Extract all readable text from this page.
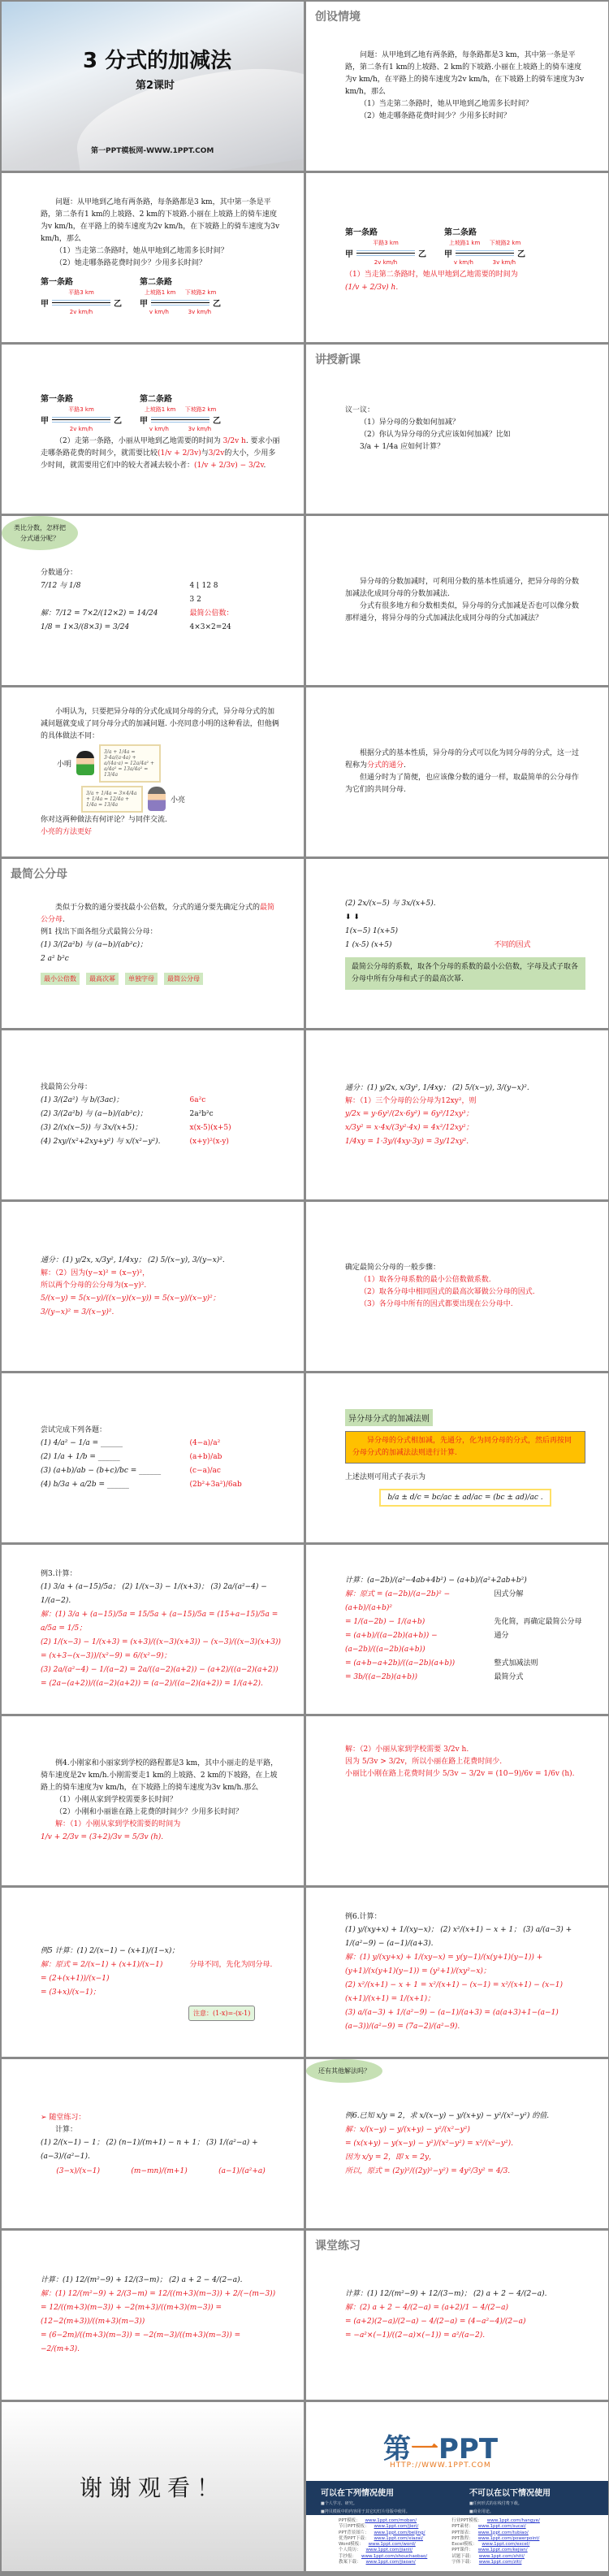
3 分式的加减法
第2课时
第一PPT模板网-WWW.1PPT.COM
创设情境
问题：从甲地到乙地有两条路，每条路都是3 km，其中第一条是平路，第二条有1 km的上坡路、2 km的下坡路.小丽在上坡路上的骑车速度为v km/h，在平路上的骑车速度为2v km/h，在下坡路上的骑车速度为3v km/h，那么
（1）当走第二条路时，她从甲地到乙地需多长时间？
（2）她走哪条路花费时间少？少用多长时间？
问题：从甲地到乙地有两条路，每条路都是3 km，其中第一条是平路，第二条有1 km的上坡路、2 km的下坡路.小丽在上坡路上的骑车速度为v km/h，在平路上的骑车速度为2v km/h，在下坡路上的骑车速度为3v km/h，那么
（1）当走第二条路时，她从甲地到乙地需多长时间？
（2）她走哪条路花费时间少？少用多长时间？
第一条路
平路3 km
甲	乙
2v km/h
第二条路
上坡路1 km 下坡路2 km
甲	乙
v km/h	3v km/h
第一条路
平路3 km
甲	乙
2v km/h
第二条路
上坡路1 km 下坡路2 km
甲	乙
v km/h	3v km/h
（1）当走第二条路时，她从甲地到乙地需要的时间为
(1/v + 2/3v) h.
第一条路
平路3 km
甲	乙
2v km/h
第二条路
上坡路1 km 下坡路2 km
甲	乙
v km/h	3v km/h
（2）走第一条路，小丽从甲地到乙地需要的时间为 3/2v h. 要求小丽走哪条路花费的时间少，就需要比较(1/v + 2/3v)与3/2v的大小，少用多少时间，就需要用它们中的较大者减去较小者：(1/v + 2/3v) − 3/2v.
讲授新课
议一议：
（1）异分母的分数如何加减？
（2）你认为异分母的分式应该如何加减？比如
3/a + 1/4a 应如何计算？
分数通分：
7/12 与 1/8	4 ⌊ 12 8
3 2
解：7/12 = 7×2/(12×2) = 14/24	最简公倍数：
1/8 = 1×3/(8×3) = 3/24	4×3×2=24
类比分数，怎样把分式通分呢？
异分母的分数加减时，可利用分数的基本性质通分，把异分母的分数加减法化成同分母的分数加减法.
分式有很多地方和分数相类似，异分母的分式加减是否也可以像分数那样通分，将异分母的分式加减法化成同分母的分式加减法？
小明认为，只要把异分母的分式化成同分母的分式，异分母分式的加减问题就变成了同分母分式的加减问题. 小亮同意小明的这种看法，但他俩的具体做法不同：
小明
3/a + 1/4a = 3·4a/(a·4a) + a/(4a·a) = 12a/4a² + a/4a² = 13a/4a² = 13/4a
3/a + 1/4a = 3×4/4a + 1/4a = 12/4a + 1/4a = 13/4a
小亮
你对这两种做法有何评论？与同伴交流.
小亮的方法更好
根据分式的基本性质，异分母的分式可以化为同分母的分式，这一过程称为分式的通分.
但通分时为了简便，也应该像分数的通分一样，取最简单的公分母作为它们的共同分母.
最简公分母
类似于分数的通分要找最小公倍数，分式的通分要先确定分式的最简公分母.
例1 找出下面各组分式最简公分母：
(1) 3/(2a²b) 与 (a−b)/(ab²c)；
2 a² b²c
最小公倍数	最高次幂	单独字母	最简公分母
(2) 2x/(x−5) 与 3x/(x+5).
⬇ ⬇
1(x−5) 1(x+5)
1 (x-5) (x+5)	不同的因式
最简公分母的系数，取各个分母的系数的最小公倍数，字母及式子取各分母中所有分母和式子的最高次幂.
找最简公分母：
(1) 3/(2a²) 与 b/(3ac)；	6a²c
(2) 3/(2a²b) 与 (a−b)/(ab²c)；	2a²b²c
(3) 2/(x(x−5)) 与 3x/(x+5)；	x(x-5)(x+5)
(4) 2xy/(x²+2xy+y²) 与 x/(x²−y²).	(x+y)²(x-y)
通分：(1) y/2x, x/3y², 1/4xy； (2) 5/(x−y), 3/(y−x)².
解：（1）三个分母的公分母为12xy²，则
y/2x = y·6y²/(2x·6y²) = 6y³/12xy³；
x/3y² = x·4x/(3y²·4x) = 4x²/12xy²；
1/4xy = 1·3y/(4xy·3y) = 3y/12xy².
通分：(1) y/2x, x/3y², 1/4xy； (2) 5/(x−y), 3/(y−x)².
解：（2）因为(y−x)² = (x−y)²，
所以两个分母的公分母为(x−y)².
5/(x−y) = 5(x−y)/((x−y)(x−y)) = 5(x−y)/(x−y)²；
3/(y−x)² = 3/(x−y)².
确定最简公分母的一般步骤：
（1）取各分母系数的最小公倍数做系数.
（2）取各分母中相同因式的最高次幂做公分母的因式.
（3）各分母中所有的因式都要出现在公分母中.
尝试完成下列各题：
(1) 4/a² − 1/a = ______	(4−a)/a²
(2) 1/a + 1/b = ______	(a+b)/ab
(3) (a+b)/ab − (b+c)/bc = ______	(c−a)/ac
(4) b/3a + a/2b = ______	(2b²+3a²)/6ab
异分母分式的加减法则
异分母的分式相加减，先通分，化为同分母的分式，然后再按同分母分式的加减法法则进行计算.
上述法则可用式子表示为
b/a ± d/c = bc/ac ± ad/ac = (bc ± ad)/ac .
例3.计算：
(1) 3/a + (a−15)/5a； (2) 1/(x−3) − 1/(x+3)； (3) 2a/(a²−4) − 1/(a−2).
解：(1) 3/a + (a−15)/5a = 15/5a + (a−15)/5a = (15+a−15)/5a = a/5a = 1/5；
(2) 1/(x−3) − 1/(x+3) = (x+3)/((x−3)(x+3)) − (x−3)/((x−3)(x+3))
= (x+3−(x−3))/(x²−9) = 6/(x²−9)；
(3) 2a/(a²−4) − 1/(a−2) = 2a/((a−2)(a+2)) − (a+2)/((a−2)(a+2))
= (2a−(a+2))/((a−2)(a+2)) = (a−2)/((a−2)(a+2)) = 1/(a+2).
计算：(a−2b)/(a²−4ab+4b²) − (a+b)/(a²+2ab+b²)
解：原式 = (a−2b)/(a−2b)² − (a+b)/(a+b)²
因式分解
= 1/(a−2b) − 1/(a+b)	先化简，再确定最简公分母
= (a+b)/((a−2b)(a+b)) − (a−2b)/((a−2b)(a+b))
通分
= (a+b−a+2b)/((a−2b)(a+b))	整式加减法则
= 3b/((a−2b)(a+b))	最简分式
例4.小刚家和小丽家到学校的路程都是3 km，其中小丽走的是平路，骑车速度是2v km/h.小刚需要走1 km的上坡路、2 km的下坡路，在上坡路上的骑车速度为v km/h，在下坡路上的骑车速度为3v km/h.那么
（1）小刚从家到学校需要多长时间？
（2）小刚和小丽谁在路上花费的时间少？少用多长时间？
解：（1）小刚从家到学校需要的时间为
1/v + 2/3v = (3+2)/3v = 5/3v (h).
解：（2）小丽从家到学校需要 3/2v h.
因为 5/3v > 3/2v，所以小丽在路上花费时间少.
小丽比小刚在路上花费时间少 5/3v − 3/2v = (10−9)/6v = 1/6v (h).
例5 计算：(1) 2/(x−1) − (x+1)/(1−x)；
解：原式 = 2/(x−1) + (x+1)/(x−1)	分母不同，先化为同分母.
= (2+(x+1))/(x−1)
= (3+x)/(x−1)；
注意：(1-x)=-(x-1)
例6.计算：
(1) y/(xy+x) + 1/(xy−x)； (2) x²/(x+1) − x + 1； (3) a/(a−3) + 1/(a²−9) − (a−1)/(a+3).
解：(1) y/(xy+x) + 1/(xy−x) = y(y−1)/(x(y+1)(y−1)) + (y+1)/(x(y+1)(y−1)) = (y²+1)/(xy²−x)；
(2) x²/(x+1) − x + 1 = x²/(x+1) − (x−1) = x²/(x+1) − (x−1)(x+1)/(x+1) = 1/(x+1)；
(3) a/(a−3) + 1/(a²−9) − (a−1)/(a+3) = (a(a+3)+1−(a−1)(a−3))/(a²−9) = (7a−2)/(a²−9).
➢ 随堂练习：
计算：
(1) 2/(x−1) − 1； (2) (n−1)/(m+1) − n + 1； (3) 1/(a²−a) + (a−3)/(a²−1).
(3−x)/(x−1)	(m−mn)/(m+1)	(a−1)/(a²+a)
例6.已知 x/y = 2，求 x/(x−y) − y/(x+y) − y²/(x²−y²) 的值.
解：x/(x−y) − y/(x+y) − y²/(x²−y²)
= (x(x+y) − y(x−y) − y²)/(x²−y²) = x²/(x²−y²).
因为 x/y = 2，即 x = 2y，
所以，原式 = (2y)²/((2y)²−y²) = 4y²/3y² = 4/3.
还有其他解法吗？
计算：(1) 12/(m²−9) + 12/(3−m)； (2) a + 2 − 4/(2−a).
解：(1) 12/(m²−9) + 2/(3−m) = 12/((m+3)(m−3)) + 2/(−(m−3))
= 12/((m+3)(m−3)) + −2(m+3)/((m+3)(m−3)) = (12−2(m+3))/((m+3)(m−3))
= (6−2m)/((m+3)(m−3)) = −2(m−3)/((m+3)(m−3)) = −2/(m+3).
课堂练习
计算：(1) 12/(m²−9) + 12/(3−m)； (2) a + 2 − 4/(2−a).
解：(2) a + 2 − 4/(2−a) = (a+2)/1 − 4/(2−a)
= (a+2)(2−a)/(2−a) − 4/(2−a) = (4−a²−4)/(2−a)
= −a²×(−1)/((2−a)×(−1)) = a²/(a−2).
谢谢观看！
第一PPT
HTTP://WWW.1PPT.COM
可以在下列情况使用
■个人学习、研究。
■拷贝模板中的内容用于其它幻灯片母版中使用。
不可以在以下情况使用
■任何形式的在线付费下载。
■商业用途。
PPT模板： www.1ppt.com/moban/
节日PPT模板： www.1ppt.com/jieri/
PPT背景图片： www.1ppt.com/beijing/
优秀PPT下载： www.1ppt.com/xiazai/
Word模板： www.1ppt.com/word/
个人简历： www.1ppt.com/jianli/
手抄报： www.1ppt.com/shouchaobao/
教案下载： www.1ppt.com/jiaoan/
行业PPT模板： www.1ppt.com/hangye/
PPT素材： www.1ppt.com/sucai/
PPT图表： www.1ppt.com/tubiao/
PPT教程： www.1ppt.com/powerpoint/
Excel模板： www.1ppt.com/excel/
PPT课件： www.1ppt.com/kejian/
试题下载： www.1ppt.com/shiti/
字体下载： www.1ppt.com/ziti/
